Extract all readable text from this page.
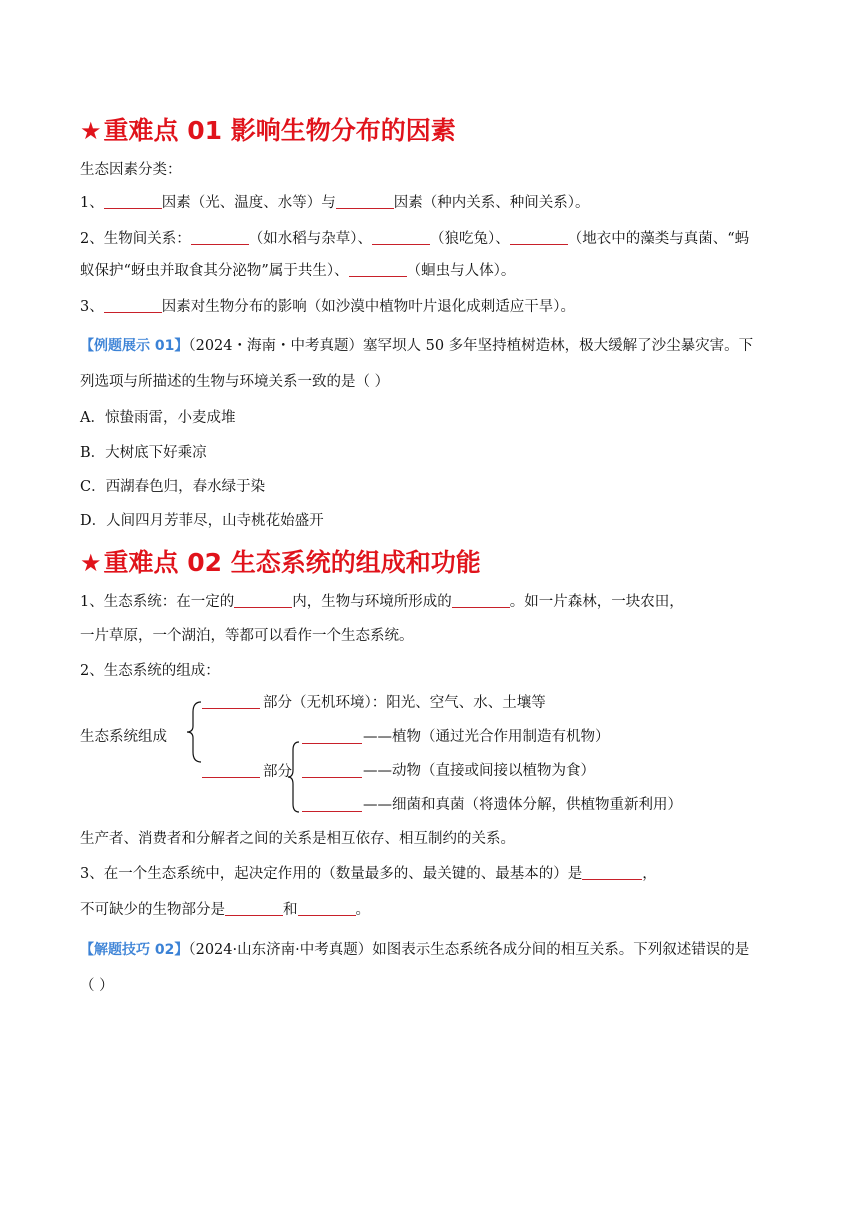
★重难点 01 影响生物分布的因素
生态因素分类：
1、	因素（光、温度、水等）与	因素（种内关系、种间关系）。
2、生物间关系：	（如水稻与杂草）、	（狼吃兔）、	（地衣中的藻类与真菌、“蚂
蚁保护“蚜虫并取食其分泌物”属于共生）、	（蛔虫与人体）。
3、	因素对生物分布的影响（如沙漠中植物叶片退化成刺适应干旱）。
【例题展示 01】（2024・海南・中考真题）塞罕坝人 50 多年坚持植树造林，极大缓解了沙尘暴灾害。下
列选项与所描述的生物与环境关系一致的是（ ）
A．惊蛰雨雷，小麦成堆
B．大树底下好乘凉
C．西湖春色归，春水绿于染
D．人间四月芳菲尽，山寺桃花始盛开
★重难点 02 生态系统的组成和功能
1、生态系统：在一定的	内，生物与环境所形成的	。如一片森林，一块农田，
一片草原，一个湖泊，等都可以看作一个生态系统。
2、生态系统的组成：
生态系统组成
部分（无机环境）：阳光、空气、水、土壤等
部分
——植物（通过光合作用制造有机物）
——动物（直接或间接以植物为食）
——细菌和真菌（将遗体分解，供植物重新利用）
生产者、消费者和分解者之间的关系是相互依存、相互制约的关系。
3、在一个生态系统中，起决定作用的（数量最多的、最关键的、最基本的）是	，
不可缺少的生物部分是	和	。
【解题技巧 02】（2024·山东济南·中考真题）如图表示生态系统各成分间的相互关系。下列叙述错误的是
（ ）
